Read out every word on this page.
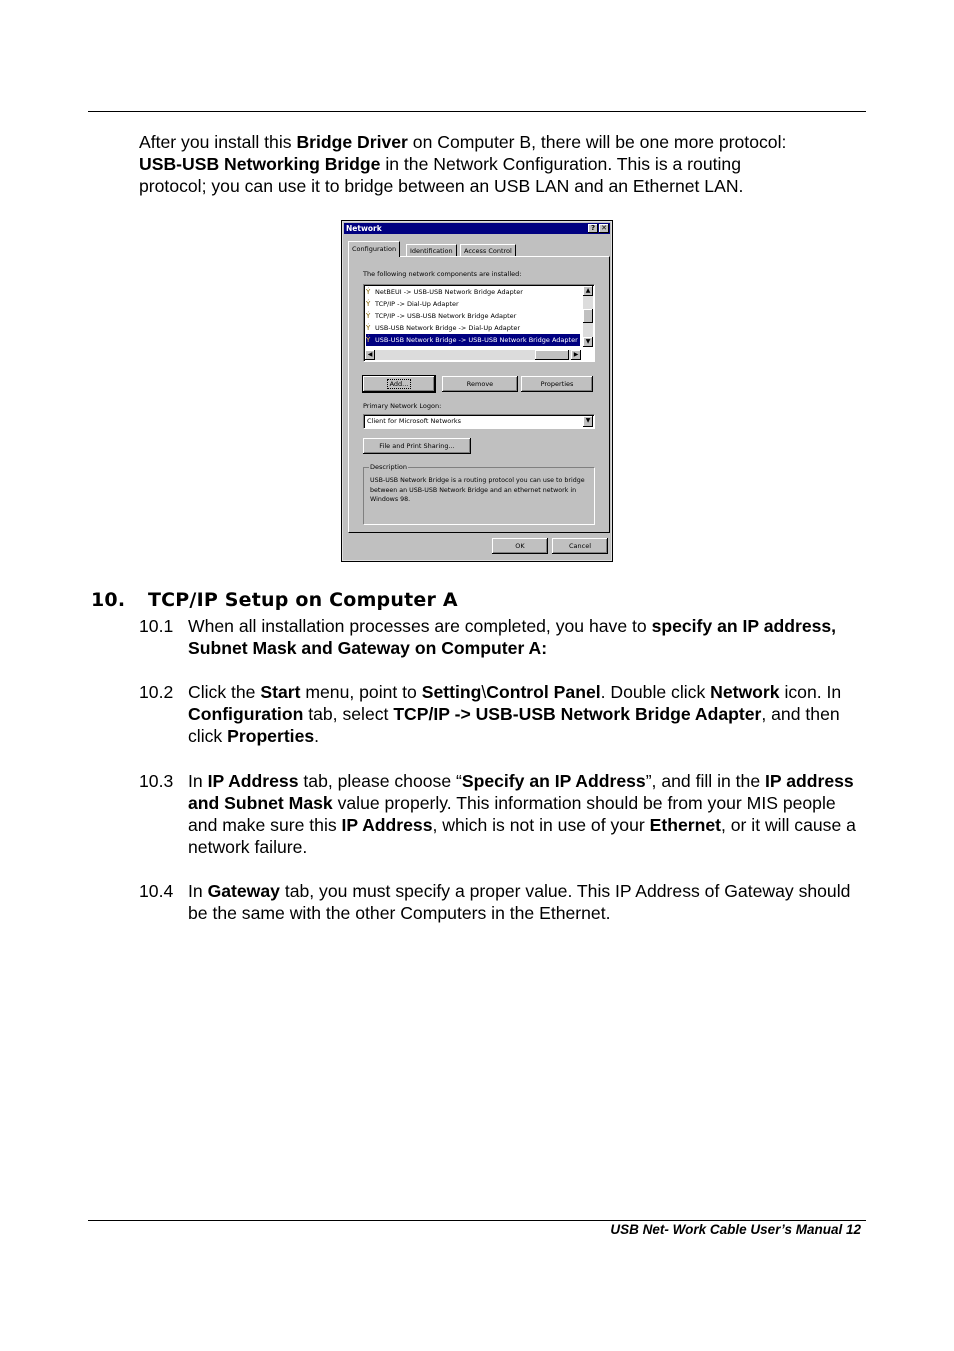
After you install this Bridge Driver on Computer B, there will be one more protocol:
USB-USB Networking Bridge in the Network Configuration. This is a routing
protocol; you can use it to bridge between an USB LAN and an Ethernet LAN.
Network	? ✕
Configuration	Identification	Access Control
The following network components are installed:
Ý NetBEUI -> USB-USB Network Bridge Adapter
Ý TCP/IP -> Dial-Up Adapter
Ý TCP/IP -> USB-USB Network Bridge Adapter
Ý USB-USB Network Bridge -> Dial-Up Adapter
Ý USB-USB Network Bridge -> USB-USB Network Bridge Adapter
▲
▼
◀	▶
Add...	Remove	Properties
Primary Network Logon:
Client for Microsoft Networks	▼
File and Print Sharing...
Description
USB-USB Network Bridge is a routing protocol you can use to bridge between an USB-USB Network Bridge and an ethernet network in Windows 98.
OK	Cancel
10. TCP/IP Setup on Computer A
10.1 When all installation processes are completed, you have to specify an IP address, Subnet Mask and Gateway on Computer A:
10.2 Click the Start menu, point to Setting\Control Panel. Double click Network icon. In Configuration tab, select TCP/IP -> USB-USB Network Bridge Adapter, and then click Properties.
10.3 In IP Address tab, please choose “Specify an IP Address”, and fill in the IP address and Subnet Mask value properly. This information should be from your MIS people and make sure this IP Address, which is not in use of your Ethernet, or it will cause a network failure.
10.4 In Gateway tab, you must specify a proper value. This IP Address of Gateway should be the same with the other Computers in the Ethernet.
USB Net- Work Cable User’s Manual 12
